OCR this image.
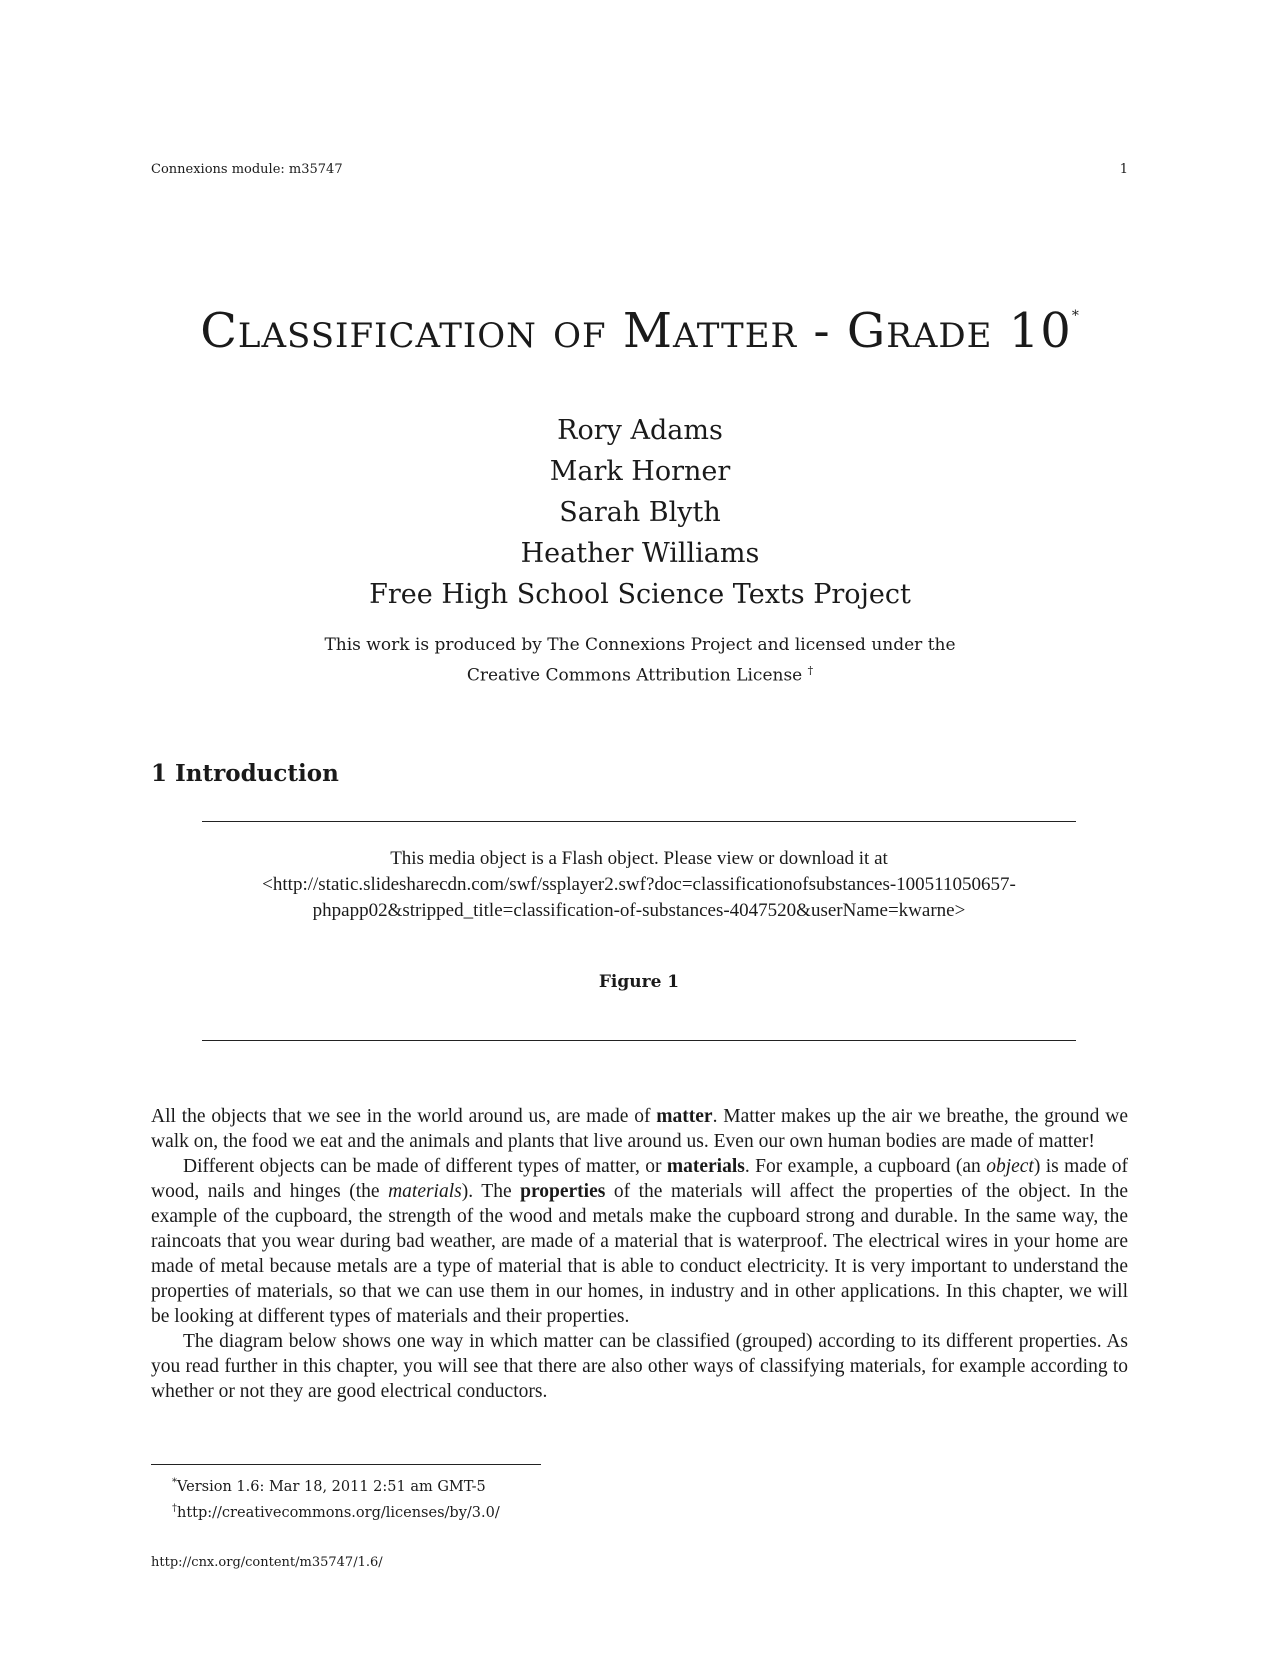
Connexions module: m35747	1
Classification of Matter - Grade 10*
Rory Adams
Mark Horner
Sarah Blyth
Heather Williams
Free High School Science Texts Project
This work is produced by The Connexions Project and licensed under the
Creative Commons Attribution License †
1 Introduction
This media object is a Flash object. Please view or download it at
<http://static.slidesharecdn.com/swf/ssplayer2.swf?doc=classificationofsubstances-100511050657-
phpapp02&stripped_title=classification-of-substances-4047520&userName=kwarne>
Figure 1

All the objects that we see in the world around us, are made of matter. Matter makes up the air we breathe, the ground we walk on, the food we eat and the animals and plants that live around us. Even our own human bodies are made of matter!

Different objects can be made of different types of matter, or materials. For example, a cupboard (an object) is made of wood, nails and hinges (the materials). The properties of the materials will affect the properties of the object. In the example of the cupboard, the strength of the wood and metals make the cupboard strong and durable. In the same way, the raincoats that you wear during bad weather, are made of a material that is waterproof. The electrical wires in your home are made of metal because metals are a type of material that is able to conduct electricity. It is very important to understand the properties of materials, so that we can use them in our homes, in industry and in other applications. In this chapter, we will be looking at different types of materials and their properties.

The diagram below shows one way in which matter can be classified (grouped) according to its different properties. As you read further in this chapter, you will see that there are also other ways of classifying materials, for example according to whether or not they are good electrical conductors.

*Version 1.6: Mar 18, 2011 2:51 am GMT-5
†http://creativecommons.org/licenses/by/3.0/
http://cnx.org/content/m35747/1.6/
